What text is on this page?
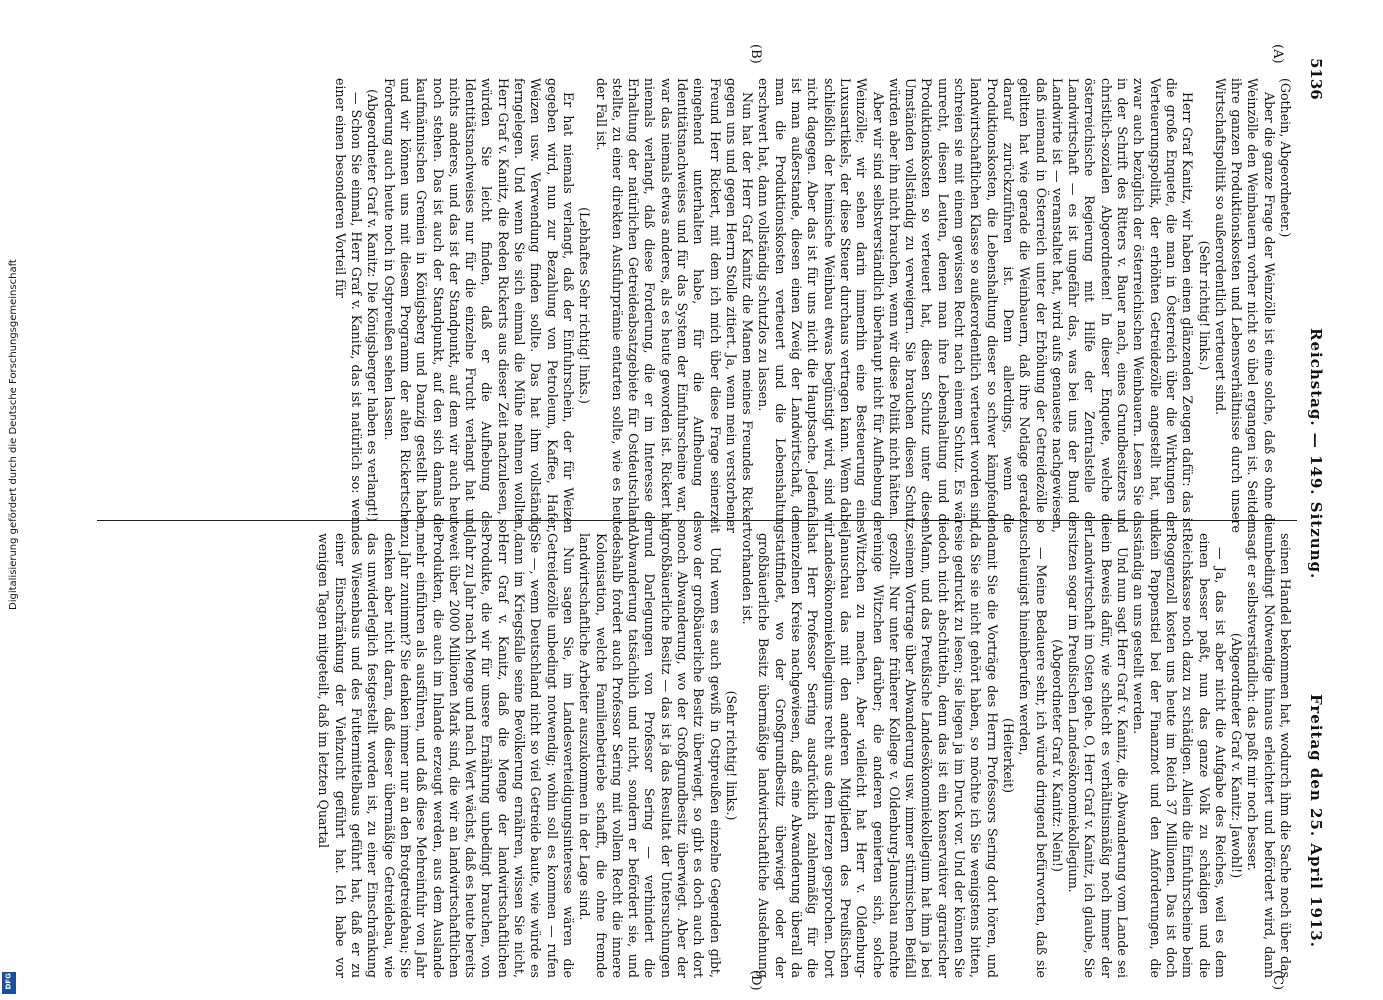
5136
Reichstag. — 149. Sitzung.
Freitag den 25. April 1913.
(A)
(B)
(C)
(D)

(Gothein, Abgeordneter.)

Aber die ganze Frage der Weinzölle ist eine solche, daß es ohne die Weinzölle den Weinbauern vorher nicht so übel ergangen ist. Seitdem ihre ganzen Produktionskosten und Lebensverhältnisse durch unsere Wirtschaftspolitik so außerordentlich verteuert sind.

(Sehr richtig! links.)

Herr Graf Kanitz, wir haben einen glänzenden Zeugen dafür: das ist die große Enquete, die man in Österreich über die Wirkungen der Verteuerungspolitik, der erhöhten Getreidezölle angestellt hat, und zwar auch bezüglich der österreichischen Weinbauern. Lesen Sie das in der Schrift des Ritters v. Bauer nach, eines Grundbesitzers und christlich-sozialen Abgeordneten! In dieser Enquete, welche die österreichische Regierung mit Hilfe der Zentralstelle der Landwirtschaft — es ist ungefähr das, was bei uns der Bund der Landwirte ist — veranstaltet hat, wird aufs genaueste nachgewiesen, daß niemand in Österreich unter der Erhöhung der Getreidezölle so gelitten hat wie gerade die Weinbauern, daß ihre Notlage geradezu darauf zurückzuführen ist. Denn allerdings, wenn die Produktionskosten, die Lebenshaltung dieser so schwer kämpfenden landwirtschaftlichen Klasse so außerordentlich verteuert worden sind, schreien sie mit einem gewissen Recht nach einem Schutz. Es wäre unrecht, diesen Leuten, denen man ihre Lebenshaltung und die Produktionskosten so verteuert hat, diesen Schutz unter diesen Umständen vollständig zu verweigern. Sie brauchen diesen Schutz, würden aber ihn nicht brauchen, wenn wir diese Politik nicht hätten.

Aber wir sind selbstverständlich überhaupt nicht für Aufhebung der Weinzölle; wir sehen darin immerhin eine Besteuerung eines Luxusartikels, der diese Steuer durchaus vertragen kann. Wenn dabei schließlich der heimische Weinbau etwas begünstigt wird, sind wir nicht dagegen. Aber das ist für uns nicht die Hauptsache. Jedenfalls ist man außerstande, diesen einen Zweig der Landwirtschaft, dem man die Produktionskosten verteuert und die Lebenshaltung erschwert hat, dann vollständig schutzlos zu lassen.

Nun hat der Herr Graf Kanitz die Manen meines Freundes Rickert gegen uns und gegen Herrn Stolle zitiert. Ja, wenn mein verstorbener Freund Herr Rickert, mit dem ich mich über diese Frage seinerzeit eingehend unterhalten habe, für die Aufhebung des Identitätsnachweises und für das System der Einfuhrscheine war, so war das niemals etwas anderes, als es heute geworden ist. Rickert hat niemals verlangt, daß diese Forderung, die er im Interesse der Erhaltung der natürlichen Getreideabsatzgebiete für Ostdeutschland stellte, zu einer direkten Ausfuhrprämie entarten sollte, wie es heute der Fall ist.

(Lebhaftes Sehr richtig! links.)

Er hat niemals verlangt, daß der Einfuhrschein, der für Weizen gegeben wird, nun zur Bezahlung von Petroleum, Kaffee, Hafer, Weizen usw. Verwendung finden sollte. Das hat ihm vollständig ferngelegen. Und wenn Sie sich einmal die Mühe nehmen wollten, Herr Graf v. Kanitz, die Reden Rickerts aus dieser Zeit nachzulesen, so würden Sie leicht finden, daß er die Aufhebung des Identitätsnachweises nur für die einzelne Frucht verlangt hat und nichts anderes, und das ist der Standpunkt, auf dem wir auch heute noch stehen. Das ist auch der Standpunkt, auf den sich damals die kaufmännischen Gremien in Königsberg und Danzig gestellt haben, und wir können uns mit diesem Programm der alten Rickertschen Forderung auch heute noch in Ostpreußen sehen lassen.

(Abgeordneter Graf v. Kanitz: Die Königsberger haben es verlangt!)

— Schon Sie einmal, Herr Graf v. Kanitz, das ist natürlich so: wenn einer einen besonderen Vorteil für

seinen Handel bekommen hat, wodurch ihm die Sache noch über das unbedingt Notwendige hinaus erleichtert und befördert wird, dann sagt er selbstverständlich: das paßt mir noch besser.

(Abgeordneter Graf v. Kanitz: Jawohl!)

— Ja, das ist aber nicht die Aufgabe des Reiches, weil es dem einen besser paßt, nun das ganze Volk zu schädigen und die Reichskasse noch dazu zu schädigen. Allein die Einfuhrscheine beim Roggenzoll kosten uns heute im Reich 37 Millionen. Das ist doch kein Pappenstiel bei der Finanznot und den Anforderungen, die ständig an uns gestellt werden.

Und nun sagt Herr Graf v. Kanitz, die Abwanderung vom Lande sei ein Beweis dafür, wie schlecht es verhältnismäßig noch immer der Landwirtschaft im Osten gehe. O, Herr Graf v. Kanitz, ich glaube, Sie sitzen sogar im Preußischen Landesökonomiekollegium.

(Abgeordneter Graf v. Kanitz: Nein!)

— Meine Bedauere sehr, ich würde dringend befürworten, daß sie schleunigst hineinberufen werden,

(Heiterkeit)

damit Sie die Vorträge des Herrn Professors Sering dort hören, und da Sie sie nicht gehört haben, so möchte ich Sie wenigstens bitten, sie gedruckt zu lesen; sie liegen ja im Druck vor. Und der können Sie doch nicht abschütteln, denn das ist ein konservativer agrarischer Mann, und das Preußische Landesökonomiekollegium hat ihm ja bei seinem Vortrage über Abwanderung usw. immer stürmischen Beifall gezollt. Nur unter früherer Kollege v. Oldenburg-Januschau machte einige Witzchen darüber; die anderen genierten sich, solche Witzchen zu machen. Aber vielleicht hat Herr v. Oldenburg-Januschau das mit den anderen Mitgliedern des Preußischen Landesökonomiekollegiums recht aus dem Herzen gesprochen. Dort hat Herr Professor Sering ausdrücklich zahlenmäßig für die einzelnen Kreise nachgewiesen, daß eine Abwanderung überall da stattfindet, wo der Großgrundbesitz überwiegt oder der großbäuerliche Besitz übermäßige landwirtschaftliche Ausdehnung vorhanden ist.

(Sehr richtig! links.)

Und wenn es auch gewiß in Ostpreußen einzelne Gegenden gibt, wo der großbäuerliche Besitz überwiegt, so gibt es doch auch dort noch Abwanderung, wo der Großgrundbesitz überwiegt. Aber der großbäuerliche Besitz — das ist ja das Resultat der Untersuchungen und Darlegungen von Professor Sering — verhindert die Abwanderung tatsächlich und nicht, sondern er befördert sie, und deshalb fordert auch Professor Sering mit vollem Recht die innere Kolonisation, welche Familienbetriebe schafft, die ohne fremde landwirtschaftliche Arbeiter auszukommen in der Lage sind.

Nun sagen Sie, im Landesverteidigungsinteresse wären die Getreidezölle unbedingt notwendig; wohin soll es kommen — rufen Sie —, wenn Deutschland nicht so viel Getreide baute, wie würde es dann im Kriegsfalle seine Bevölkerung ernähren, wissen Sie nicht, Herr Graf v. Kanitz, daß die Menge der landwirtschaftlichen Produkte, die wir für unsere Ernährung unbedingt brauchen, von Jahr zu Jahr nach Menge und nach Wert wächst, daß es heute bereits weit über 2000 Millionen Mark sind, die wir an landwirtschaftlichen Produkten, die auch im Inlande erzeugt werden, aus dem Auslande mehr einführen als ausführen, und daß diese Mehreinfuhr von Jahr zu Jahr zunimmt? Sie denken immer nur an den Brotgetreidebau; Sie denken aber nicht daran, daß dieser übermäßige Getreidebau, wie das unwiderleglich festgestellt worden ist, zu einer Einschränkung des Wiesenbaus und des Futtermittelbaus geführt hat, daß er zu einer Einschränkung der Viehzucht geführt hat. Ich habe vor wenigen Tagen mitgeteilt, daß im letzten Quartal

Digitalisierung gefördert durch die Deutsche Forschungsgemeinschaft
DFG
